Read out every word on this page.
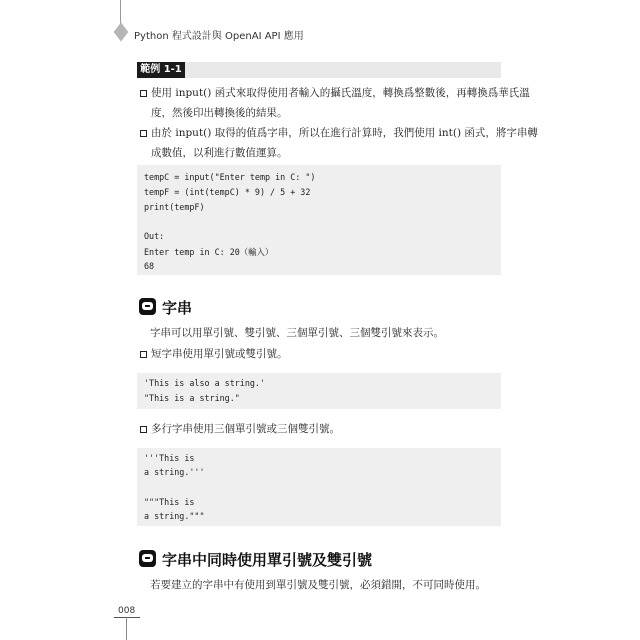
Python 程式設計與 OpenAI API 應用
範例 1-1
使用 input() 函式來取得使用者輸入的攝氏溫度，轉換爲整數後，再轉換爲華氏溫
度，然後印出轉換後的結果。
由於 input() 取得的值爲字串，所以在進行計算時，我們使用 int() 函式，將字串轉
成數值，以利進行數值運算。
tempC = input("Enter temp in C: ")
tempF = (int(tempC) * 9) / 5 + 32
print(tempF)
Out:
Enter temp in C: 20（輸入）
68
字串
字串可以用單引號、雙引號、三個單引號、三個雙引號來表示。
短字串使用單引號或雙引號。
'This is also a string.'
"This is a string."
多行字串使用三個單引號或三個雙引號。
'''This is
a string.'''
"""This is
a string."""
字串中同時使用單引號及雙引號
若要建立的字串中有使用到單引號及雙引號，必須錯開，不可同時使用。
008
